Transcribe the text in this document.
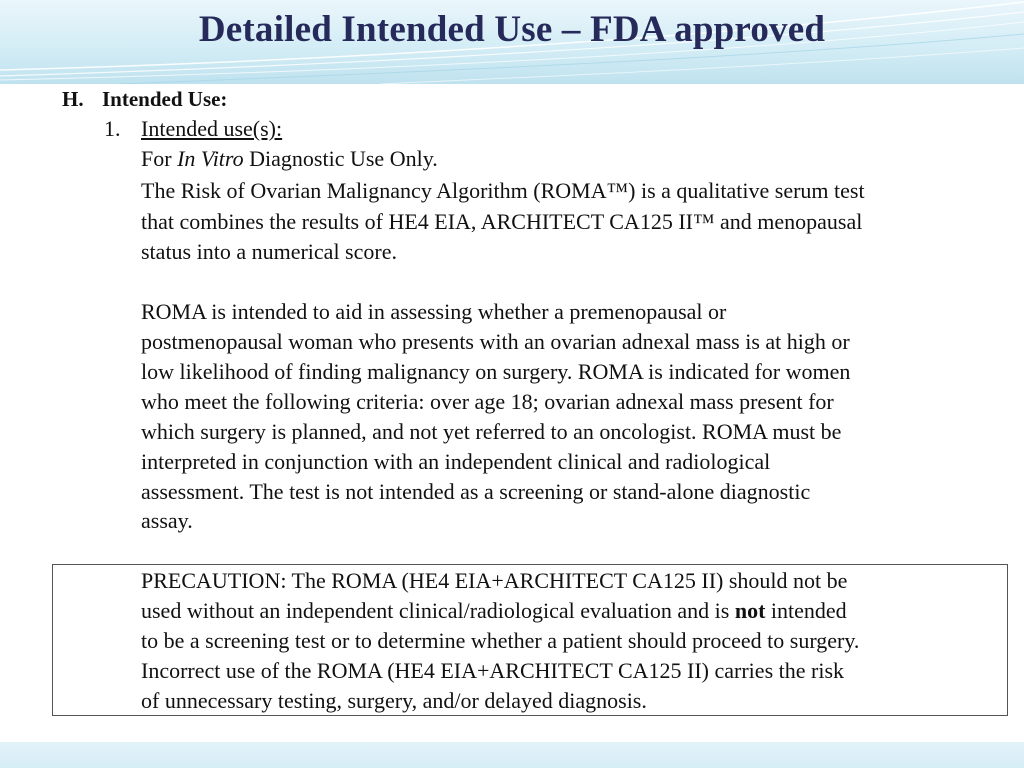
Detailed Intended Use – FDA approved
H. Intended Use:
1. Intended use(s):
For In Vitro Diagnostic Use Only.
The Risk of Ovarian Malignancy Algorithm (ROMA™) is a qualitative serum test
that combines the results of HE4 EIA, ARCHITECT CA125 II™ and menopausal
status into a numerical score.
ROMA is intended to aid in assessing whether a premenopausal or
postmenopausal woman who presents with an ovarian adnexal mass is at high or
low likelihood of finding malignancy on surgery. ROMA is indicated for women
who meet the following criteria: over age 18; ovarian adnexal mass present for
which surgery is planned, and not yet referred to an oncologist. ROMA must be
interpreted in conjunction with an independent clinical and radiological
assessment. The test is not intended as a screening or stand-alone diagnostic
assay.
PRECAUTION: The ROMA (HE4 EIA+ARCHITECT CA125 II) should not be
used without an independent clinical/radiological evaluation and is not intended
to be a screening test or to determine whether a patient should proceed to surgery.
Incorrect use of the ROMA (HE4 EIA+ARCHITECT CA125 II) carries the risk
of unnecessary testing, surgery, and/or delayed diagnosis.
